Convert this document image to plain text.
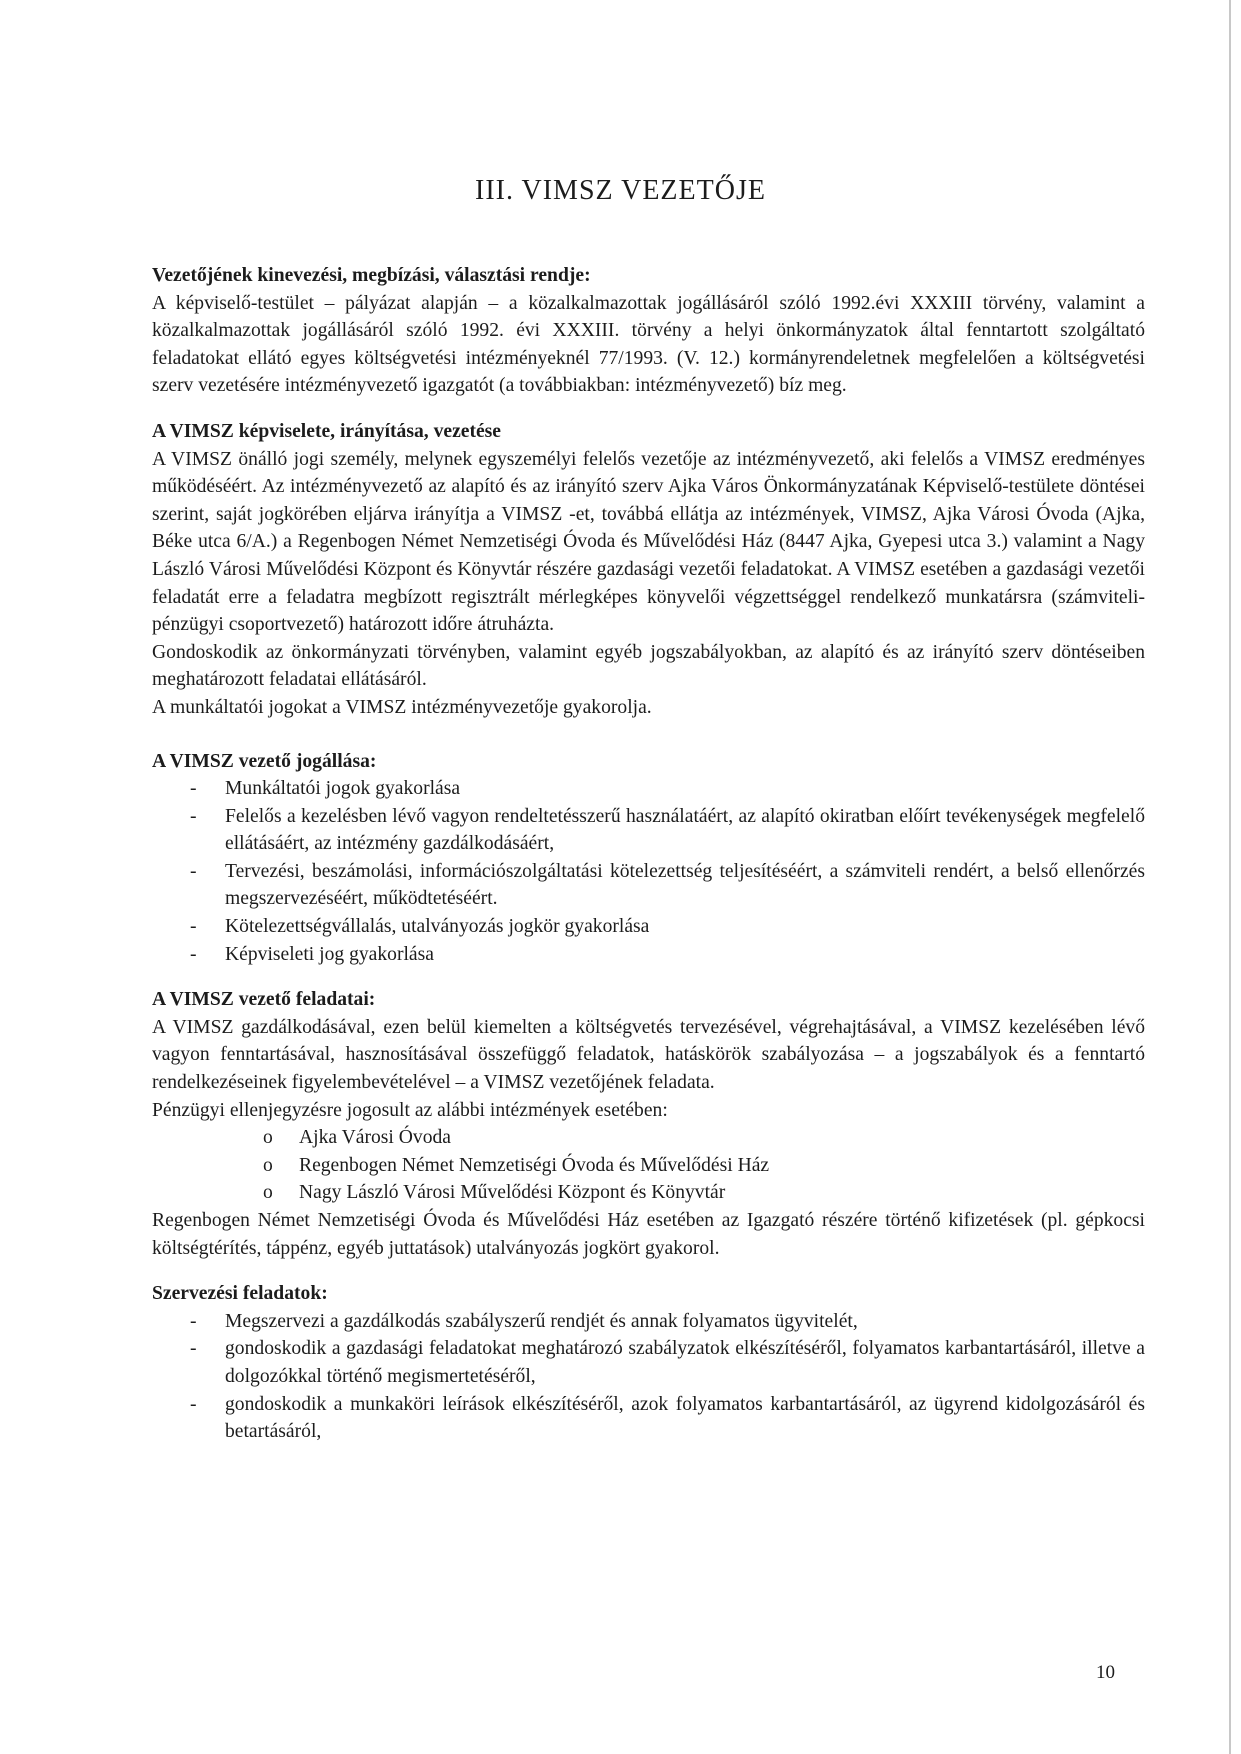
III. VIMSZ VEZETŐJE

Vezetőjének kinevezési, megbízási, választási rendje:

A képviselő-testület – pályázat alapján – a közalkalmazottak jogállásáról szóló 1992.évi XXXIII törvény, valamint a közalkalmazottak jogállásáról szóló 1992. évi XXXIII. törvény a helyi önkormányzatok által fenntartott szolgáltató feladatokat ellátó egyes költségvetési intézményeknél 77/1993. (V. 12.) kormányrendeletnek megfelelően a költségvetési szerv vezetésére intézményvezető igazgatót (a továbbiakban: intézményvezető) bíz meg.

A VIMSZ képviselete, irányítása, vezetése

A VIMSZ önálló jogi személy, melynek egyszemélyi felelős vezetője az intézményvezető, aki felelős a VIMSZ eredményes működéséért. Az intézményvezető az alapító és az irányító szerv Ajka Város Önkormányzatának Képviselő-testülete döntései szerint, saját jogkörében eljárva irányítja a VIMSZ -et, továbbá ellátja az intézmények, VIMSZ, Ajka Városi Óvoda (Ajka, Béke utca 6/A.) a Regenbogen Német Nemzetiségi Óvoda és Művelődési Ház (8447 Ajka, Gyepesi utca 3.) valamint a Nagy László Városi Művelődési Központ és Könyvtár részére gazdasági vezetői feladatokat. A VIMSZ esetében a gazdasági vezetői feladatát erre a feladatra megbízott regisztrált mérlegképes könyvelői végzettséggel rendelkező munkatársra (számviteli-pénzügyi csoportvezető) határozott időre átruházta.

Gondoskodik az önkormányzati törvényben, valamint egyéb jogszabályokban, az alapító és az irányító szerv döntéseiben meghatározott feladatai ellátásáról.

A munkáltatói jogokat a VIMSZ intézményvezetője gyakorolja.

A VIMSZ vezető jogállása:

- Munkáltatói jogok gyakorlása
- Felelős a kezelésben lévő vagyon rendeltetésszerű használatáért, az alapító okiratban előírt tevékenységek megfelelő ellátásáért, az intézmény gazdálkodásáért,
- Tervezési, beszámolási, információszolgáltatási kötelezettség teljesítéséért, a számviteli rendért, a belső ellenőrzés megszervezéséért, működtetéséért.
- Kötelezettségvállalás, utalványozás jogkör gyakorlása
- Képviseleti jog gyakorlása

A VIMSZ vezető feladatai:

A VIMSZ gazdálkodásával, ezen belül kiemelten a költségvetés tervezésével, végrehajtásával, a VIMSZ kezelésében lévő vagyon fenntartásával, hasznosításával összefüggő feladatok, hatáskörök szabályozása – a jogszabályok és a fenntartó rendelkezéseinek figyelembevételével – a VIMSZ vezetőjének feladata.

Pénzügyi ellenjegyzésre jogosult az alábbi intézmények esetében:

o Ajka Városi Óvoda
o Regenbogen Német Nemzetiségi Óvoda és Művelődési Ház
o Nagy László Városi Művelődési Központ és Könyvtár

Regenbogen Német Nemzetiségi Óvoda és Művelődési Ház esetében az Igazgató részére történő kifizetések (pl. gépkocsi költségtérítés, táppénz, egyéb juttatások) utalványozás jogkört gyakorol.

Szervezési feladatok:

- Megszervezi a gazdálkodás szabályszerű rendjét és annak folyamatos ügyvitelét,
- gondoskodik a gazdasági feladatokat meghatározó szabályzatok elkészítéséről, folyamatos karbantartásáról, illetve a dolgozókkal történő megismertetéséről,
- gondoskodik a munkaköri leírások elkészítéséről, azok folyamatos karbantartásáról, az ügyrend kidolgozásáról és betartásáról,
10
